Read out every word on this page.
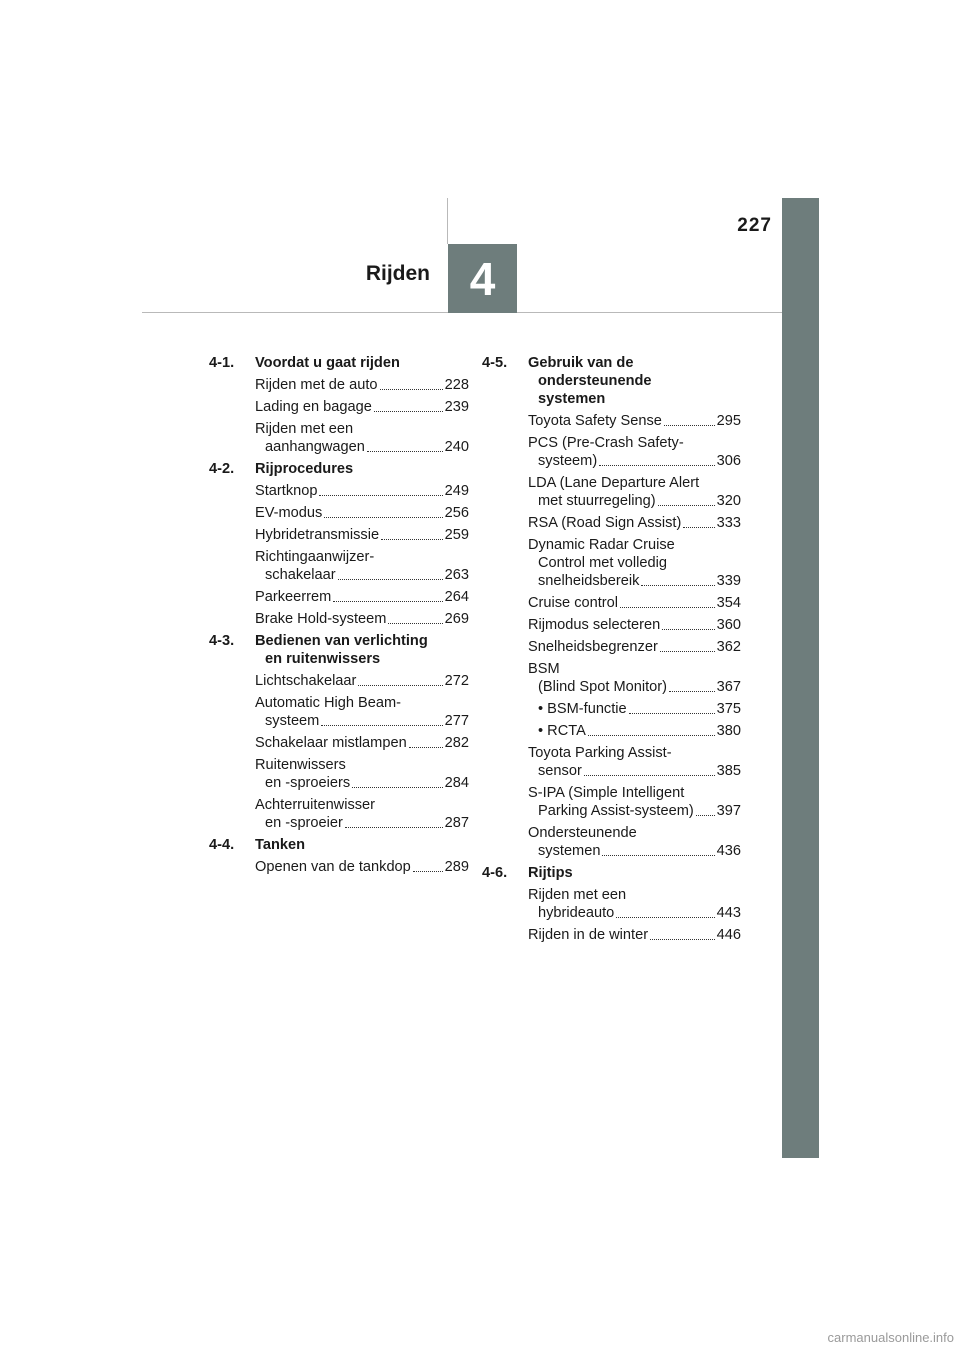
4
Rijden
227
4-1.	Voordat u gaat rijden
Rijden met de auto	228
Lading en bagage	239
Rijden met een
aanhangwagen	240
4-2.	Rijprocedures
Startknop	249
EV-modus	256
Hybridetransmissie	259
Richtingaanwijzer-
schakelaar	263
Parkeerrem	264
Brake Hold-systeem	269
4-3.	Bedienen van verlichting
en ruitenwissers
Lichtschakelaar	272
Automatic High Beam-
systeem	277
Schakelaar mistlampen	282
Ruitenwissers
en -sproeiers	284
Achterruitenwisser
en -sproeier	287
4-4.	Tanken
Openen van de tankdop 289
4-5.	Gebruik van de
ondersteunende
systemen
Toyota Safety Sense	295
PCS (Pre-Crash Safety-
systeem)	306
LDA (Lane Departure Alert
met stuurregeling)	320
RSA (Road Sign Assist) 333
Dynamic Radar Cruise
Control met volledig
snelheidsbereik	339
Cruise control	354
Rijmodus selecteren	360
Snelheidsbegrenzer	362
BSM
(Blind Spot Monitor)	367
• BSM-functie	375
• RCTA	380
Toyota Parking Assist-
sensor	385
S-IPA (Simple Intelligent
Parking Assist-systeem) 397
Ondersteunende
systemen	436
4-6.	Rijtips
Rijden met een
hybrideauto	443
Rijden in de winter	446
carmanualsonline.info
